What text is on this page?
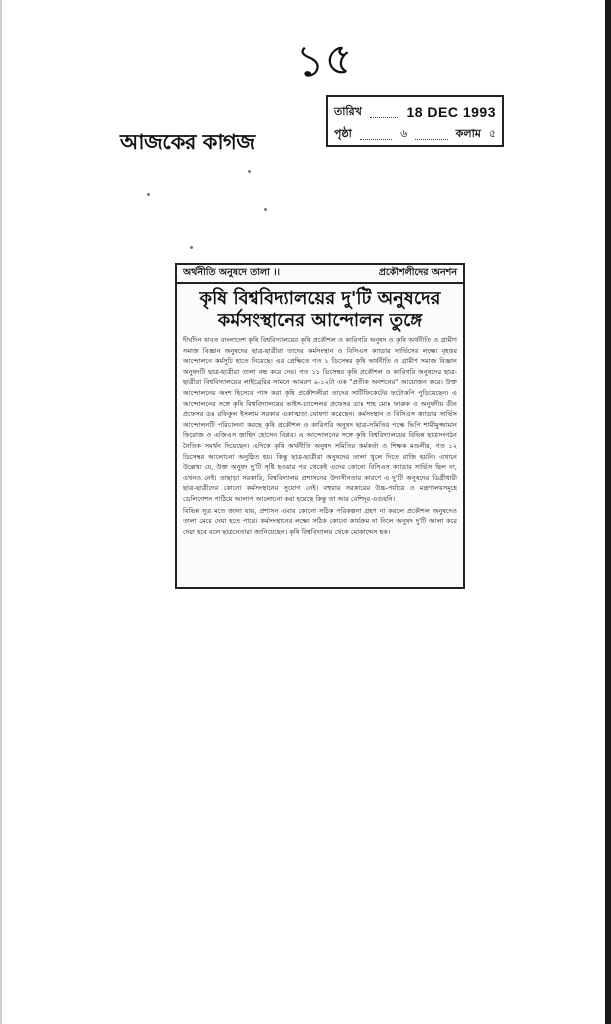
১৫
আজকের কাগজ
তারিখ	18 DEC 1993
পৃষ্ঠা	৬	কলাম ৫
অর্থনীতি অনুষদে তালা ।।	প্রকৌশলীদের অনশন
কৃষি বিশ্ববিদ্যালয়ের দু'টি অনুষদের
কর্মসংস্থানের আন্দোলন তুঙ্গে

দীর্ঘদিন যাবত বাংলাদেশ কৃষি বিশ্ববিদ্যালয়ের কৃষি প্রকৌশল ও কারিগরি অনুষদ ও কৃষি অর্থনীতি ও গ্রামীণ সমাজ বিজ্ঞান অনুষদের ছাত্র-ছাত্রীরা তাদের কর্মসংস্থান ও বিসিএস ক্যাডার সার্ভিসের লক্ষ্যে বৃহত্তর আন্দোলনে কর্মসূচি হাতে নিয়েছে। এর প্রেক্ষিতে গত ১ ডিসেম্বর কৃষি অর্থনীতি ও গ্রামীণ সমাজ বিজ্ঞান অনুষদটি ছাত্র-ছাত্রীরা তালা বন্ধ করে দেয়। গত ১১ ডিসেম্বর কৃষি প্রকৌশল ও কারিগরি অনুষদের ছাত্র-ছাত্রীরা বিশ্ববিদ্যালয়ের লাইব্রেরির সামনে আমরণ ৯-১২টা এক "প্রতীক অনশনের" আয়োজন করে। উক্ত আন্দোলনের অংশ হিসেবে পাস করা কৃষি প্রকৌশলীরা তাদের সার্টিফিকেটের ফটোকপি পুড়িয়েছেন। এ আন্দোলনের সঙ্গে কৃষি বিশ্ববিদ্যালয়ের ভাইস-চ্যান্সেলর প্রফেসর ডাঃ শাহ মোঃ ফারুক ও অনুষদীয় ডীন প্রফেসর ডঃ রফিকুল ইসলাম সরকার একাত্মতা ঘোষণা করেছেন। কর্মসংস্থান ও বিসিএস ক্যাডার সার্ভিস আন্দোলনটি পরিচালনা করছে কৃষি প্রকৌশল ও কারিগরি অনুষদ ছাত্র-সমিতির পক্ষে ভিপি শামীমুজ্জামান ফিরোজ ও এজিএস জাহিদ হোসেন বিপ্লব। এ আন্দোলনের সঙ্গে কৃষি বিশ্ববিদ্যালয়ের বিভিন্ন ছাত্রসংগঠন নৈতিক সমর্থন দিয়েছেন। এদিকে কৃষি অর্থনীতি অনুষদ সমিতির কর্মকর্তা ও শিক্ষক মণ্ডলীর, গত ১২ ডিসেম্বর আলোচনা অনুষ্ঠিত হয়। কিন্তু ছাত্র-ছাত্রীরা অনুষদের তালা খুলে দিতে রাজি হয়নি। এখানে উল্লেখ্য যে, উক্ত অনুষদ দু'টি সৃষ্টি হওয়ার পর থেকেই এদের কোনো বিসিএস ক্যাডার সার্ভিস ছিল না, এখনও নেই। তাছাড়া সরকারি, বিশ্ববিদ্যালয় প্রশাসনের উদাসীনতার কারণে এ দু'টি অনুষদের ডিগ্রীধারী ছাত্র-ছাত্রীদের কোনো কর্মসংস্থানের সুযোগ নেই। বহুবার সরকারের উচ্চ-পর্যায়ে ও মন্ত্রণালয়সমূহে ডেলিগেশন পাঠিয়ে আলাপ আলোচনা করা হয়েছে কিন্তু তা আর বেশিদূর এগুয়নি।

বিভিন্ন সূত্র মতে জানা যায়, প্রশাসন এবার কোনো সঠিক পরিকল্পনা গ্রহণ না করলে প্রকৌশল অনুষদেও তালা মেরে দেয়া হতে পারে। কর্মসংস্থানের লক্ষ্যে সঠিক কোনো কার্যক্রম না নিলে অনুষদ দু'টি আলা করে দেয়া হবে বলে ছাত্রনেতারা জানিয়েছেন। কৃষি বিশ্ববিদ্যালয় থেকে মোকাদ্দেস হক।
